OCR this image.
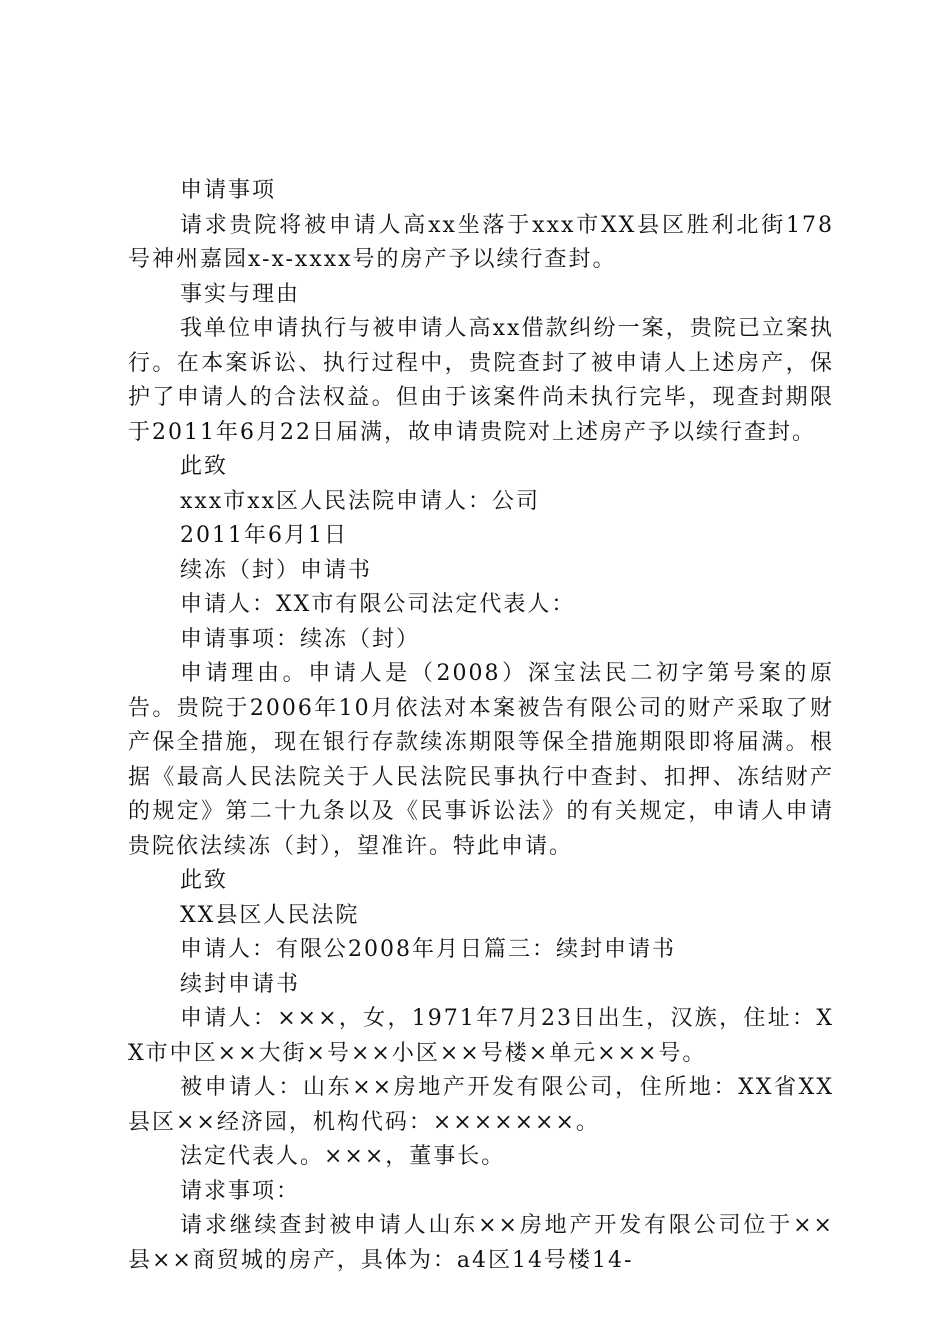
申请事项

请求贵院将被申请人高xx坐落于xxx市XX县区胜利北街178号神州嘉园x-x-xxxx号的房产予以续行查封。

事实与理由

我单位申请执行与被申请人高xx借款纠纷一案，贵院已立案执行。在本案诉讼、执行过程中，贵院查封了被申请人上述房产，保护了申请人的合法权益。但由于该案件尚未执行完毕，现查封期限于2011年6月22日届满，故申请贵院对上述房产予以续行查封。

此致

xxx市xx区人民法院申请人：公司

2011年6月1日

续冻（封）申请书

申请人：XX市有限公司法定代表人：

申请事项：续冻（封）

申请理由。申请人是（2008）深宝法民二初字第号案的原告。贵院于2006年10月依法对本案被告有限公司的财产采取了财产保全措施，现在银行存款续冻期限等保全措施期限即将届满。根据《最高人民法院关于人民法院民事执行中查封、扣押、冻结财产的规定》第二十九条以及《民事诉讼法》的有关规定，申请人申请贵院依法续冻（封），望准许。特此申请。

此致

XX县区人民法院

申请人：有限公2008年月日篇三：续封申请书

续封申请书

申请人：×××，女，1971年7月23日出生，汉族，住址：XX市中区××大街×号××小区××号楼×单元×××号。

被申请人：山东××房地产开发有限公司，住所地：XX省XX县区××经济园，机构代码：×××××××。

法定代表人。×××，董事长。

请求事项：

请求继续查封被申请人山东××房地产开发有限公司位于××县××商贸城的房产，具体为：a4区14号楼14-
